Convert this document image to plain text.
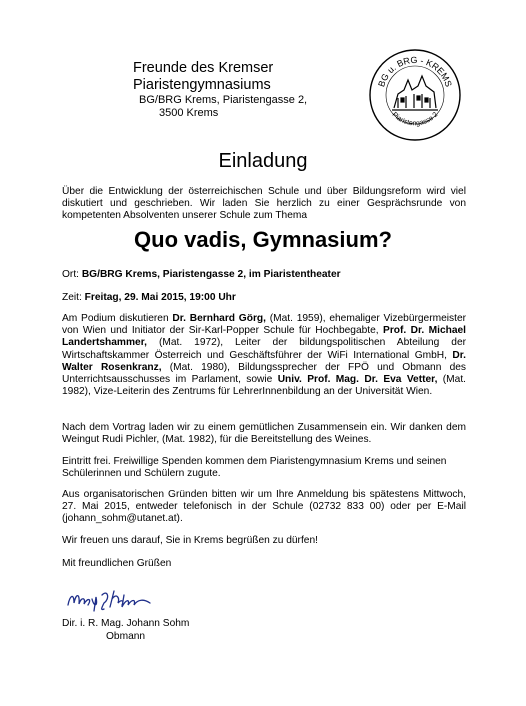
Freunde des Kremser
Piaristengymnasiums
BG/BRG Krems, Piaristengasse 2,
3500 Krems
BG u. BRG - KREMS
Piaristengasse 2
Einladung
Über die Entwicklung der österreichischen Schule und über Bildungsreform wird viel diskutiert und geschrieben. Wir laden Sie herzlich zu einer Gesprächsrunde von kompetenten Absolventen unserer Schule zum Thema
Quo vadis, Gymnasium?
Ort: BG/BRG Krems, Piaristengasse 2, im Piaristentheater
Zeit: Freitag, 29. Mai 2015, 19:00 Uhr
Am Podium diskutieren Dr. Bernhard Görg, (Mat. 1959), ehemaliger Vizebürgermeister von Wien und Initiator der Sir-Karl-Popper Schule für Hochbegabte, Prof. Dr. Michael Landertshammer, (Mat. 1972), Leiter der bildungspolitischen Abteilung der Wirtschaftskammer Österreich und Geschäftsführer der WiFi International GmbH, Dr. Walter Rosenkranz, (Mat. 1980), Bildungssprecher der FPÖ und Obmann des Unterrichtsausschusses im Parlament, sowie Univ. Prof. Mag. Dr. Eva Vetter, (Mat. 1982), Vize-Leiterin des Zentrums für LehrerInnenbildung an der Universität Wien.
Nach dem Vortrag laden wir zu einem gemütlichen Zusammensein ein. Wir danken dem Weingut Rudi Pichler, (Mat. 1982), für die Bereitstellung des Weines.
Eintritt frei. Freiwillige Spenden kommen dem Piaristengymnasium Krems und seinen Schülerinnen und Schülern zugute.
Aus organisatorischen Gründen bitten wir um Ihre Anmeldung bis spätestens Mittwoch, 27. Mai 2015, entweder telefonisch in der Schule (02732 833 00) oder per E-Mail (johann_sohm@utanet.at).
Wir freuen uns darauf, Sie in Krems begrüßen zu dürfen!
Mit freundlichen Grüßen
Dir. i. R. Mag. Johann Sohm
Obmann
